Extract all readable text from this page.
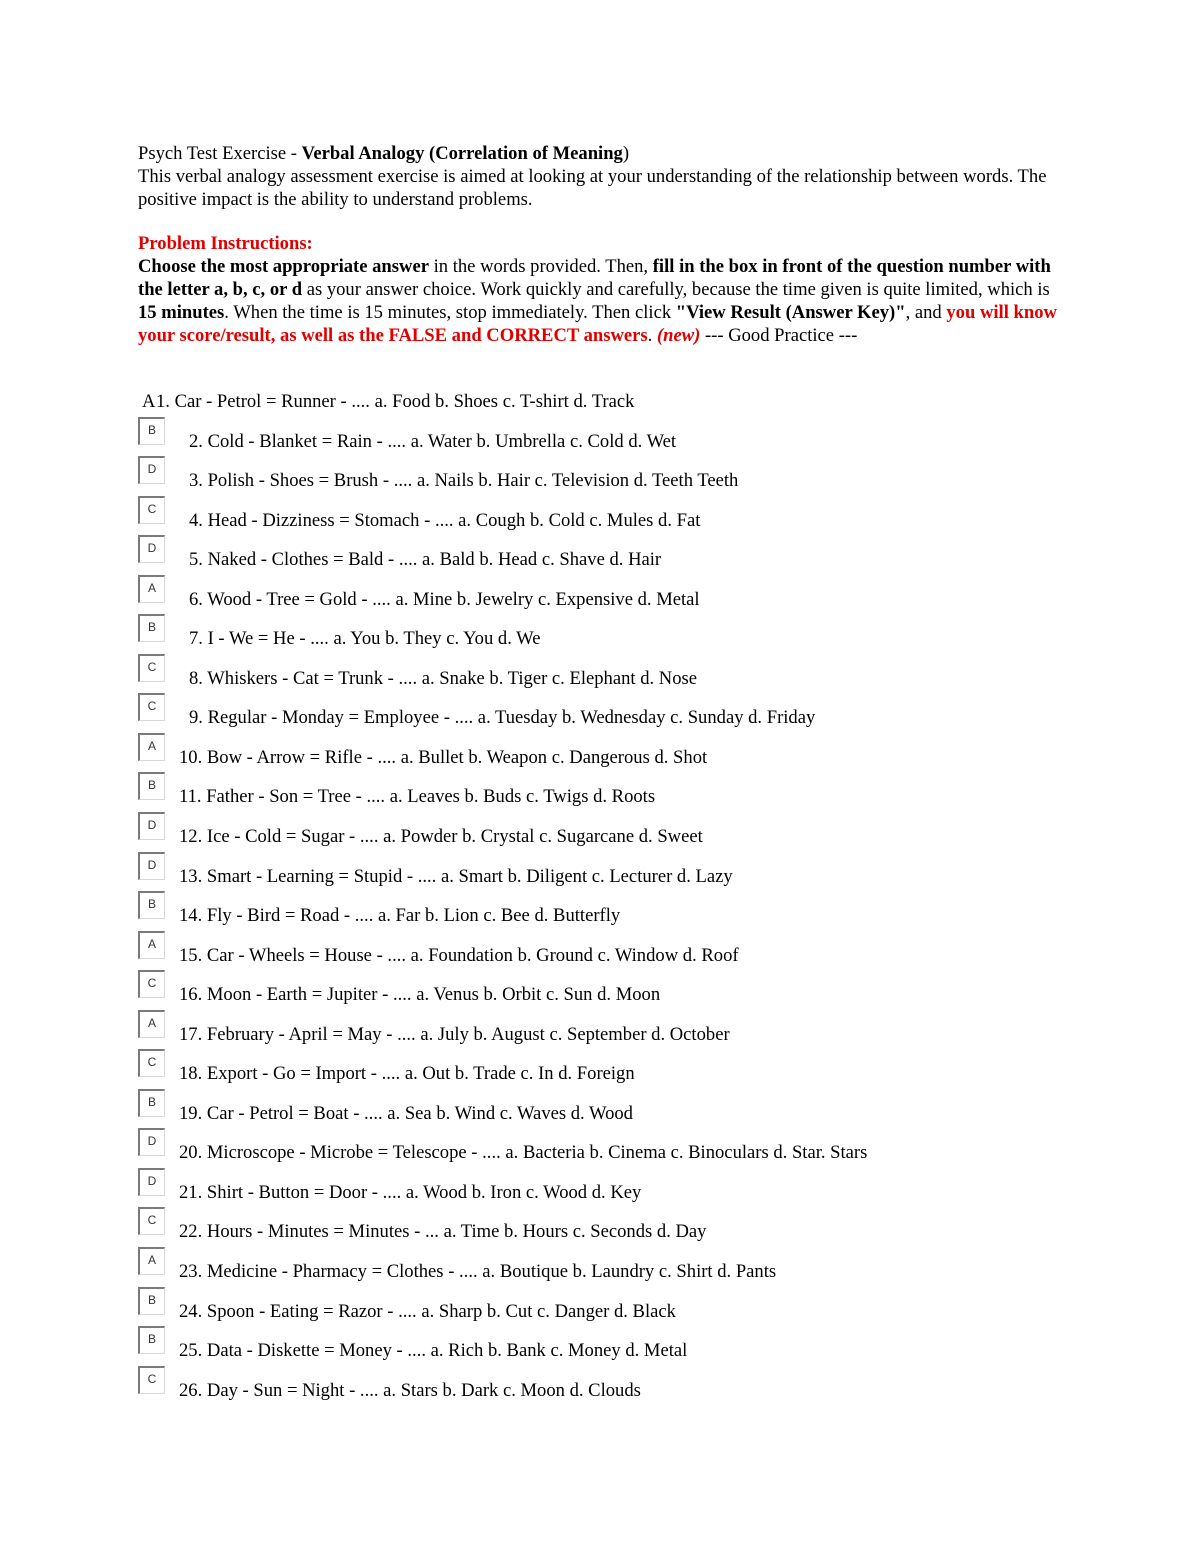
Psych Test Exercise - Verbal Analogy (Correlation of Meaning)
This verbal analogy assessment exercise is aimed at looking at your understanding of the relationship between words. The positive impact is the ability to understand problems.
Problem Instructions:
Choose the most appropriate answer in the words provided. Then, fill in the box in front of the question number with the letter a, b, c, or d as your answer choice. Work quickly and carefully, because the time given is quite limited, which is 15 minutes. When the time is 15 minutes, stop immediately. Then click "View Result (Answer Key)", and you will know your score/result, as well as the FALSE and CORRECT answers. (new) --- Good Practice ---
A 1. Car - Petrol = Runner - .... a. Food b. Shoes c. T-shirt d. Track
B
2. Cold - Blanket = Rain - .... a. Water b. Umbrella c. Cold d. Wet
D
3. Polish - Shoes = Brush - .... a. Nails b. Hair c. Television d. Teeth Teeth
C
4. Head - Dizziness = Stomach - .... a. Cough b. Cold c. Mules d. Fat
D
5. Naked - Clothes = Bald - .... a. Bald b. Head c. Shave d. Hair
A
6. Wood - Tree = Gold - .... a. Mine b. Jewelry c. Expensive d. Metal
B
7. I - We = He - .... a. You b. They c. You d. We
C
8. Whiskers - Cat = Trunk - .... a. Snake b. Tiger c. Elephant d. Nose
C
9. Regular - Monday = Employee - .... a. Tuesday b. Wednesday c. Sunday d. Friday
A
10. Bow - Arrow = Rifle - .... a. Bullet b. Weapon c. Dangerous d. Shot
B
11. Father - Son = Tree - .... a. Leaves b. Buds c. Twigs d. Roots
D
12. Ice - Cold = Sugar - .... a. Powder b. Crystal c. Sugarcane d. Sweet
D
13. Smart - Learning = Stupid - .... a. Smart b. Diligent c. Lecturer d. Lazy
B
14. Fly - Bird = Road - .... a. Far b. Lion c. Bee d. Butterfly
A
15. Car - Wheels = House - .... a. Foundation b. Ground c. Window d. Roof
C
16. Moon - Earth = Jupiter - .... a. Venus b. Orbit c. Sun d. Moon
A
17. February - April = May - .... a. July b. August c. September d. October
C
18. Export - Go = Import - .... a. Out b. Trade c. In d. Foreign
B
19. Car - Petrol = Boat - .... a. Sea b. Wind c. Waves d. Wood
D
20. Microscope - Microbe = Telescope - .... a. Bacteria b. Cinema c. Binoculars d. Star. Stars
D
21. Shirt - Button = Door - .... a. Wood b. Iron c. Wood d. Key
C
22. Hours - Minutes = Minutes - ... a. Time b. Hours c. Seconds d. Day
A
23. Medicine - Pharmacy = Clothes - .... a. Boutique b. Laundry c. Shirt d. Pants
B
24. Spoon - Eating = Razor - .... a. Sharp b. Cut c. Danger d. Black
B
25. Data - Diskette = Money - .... a. Rich b. Bank c. Money d. Metal
C
26. Day - Sun = Night - .... a. Stars b. Dark c. Moon d. Clouds
